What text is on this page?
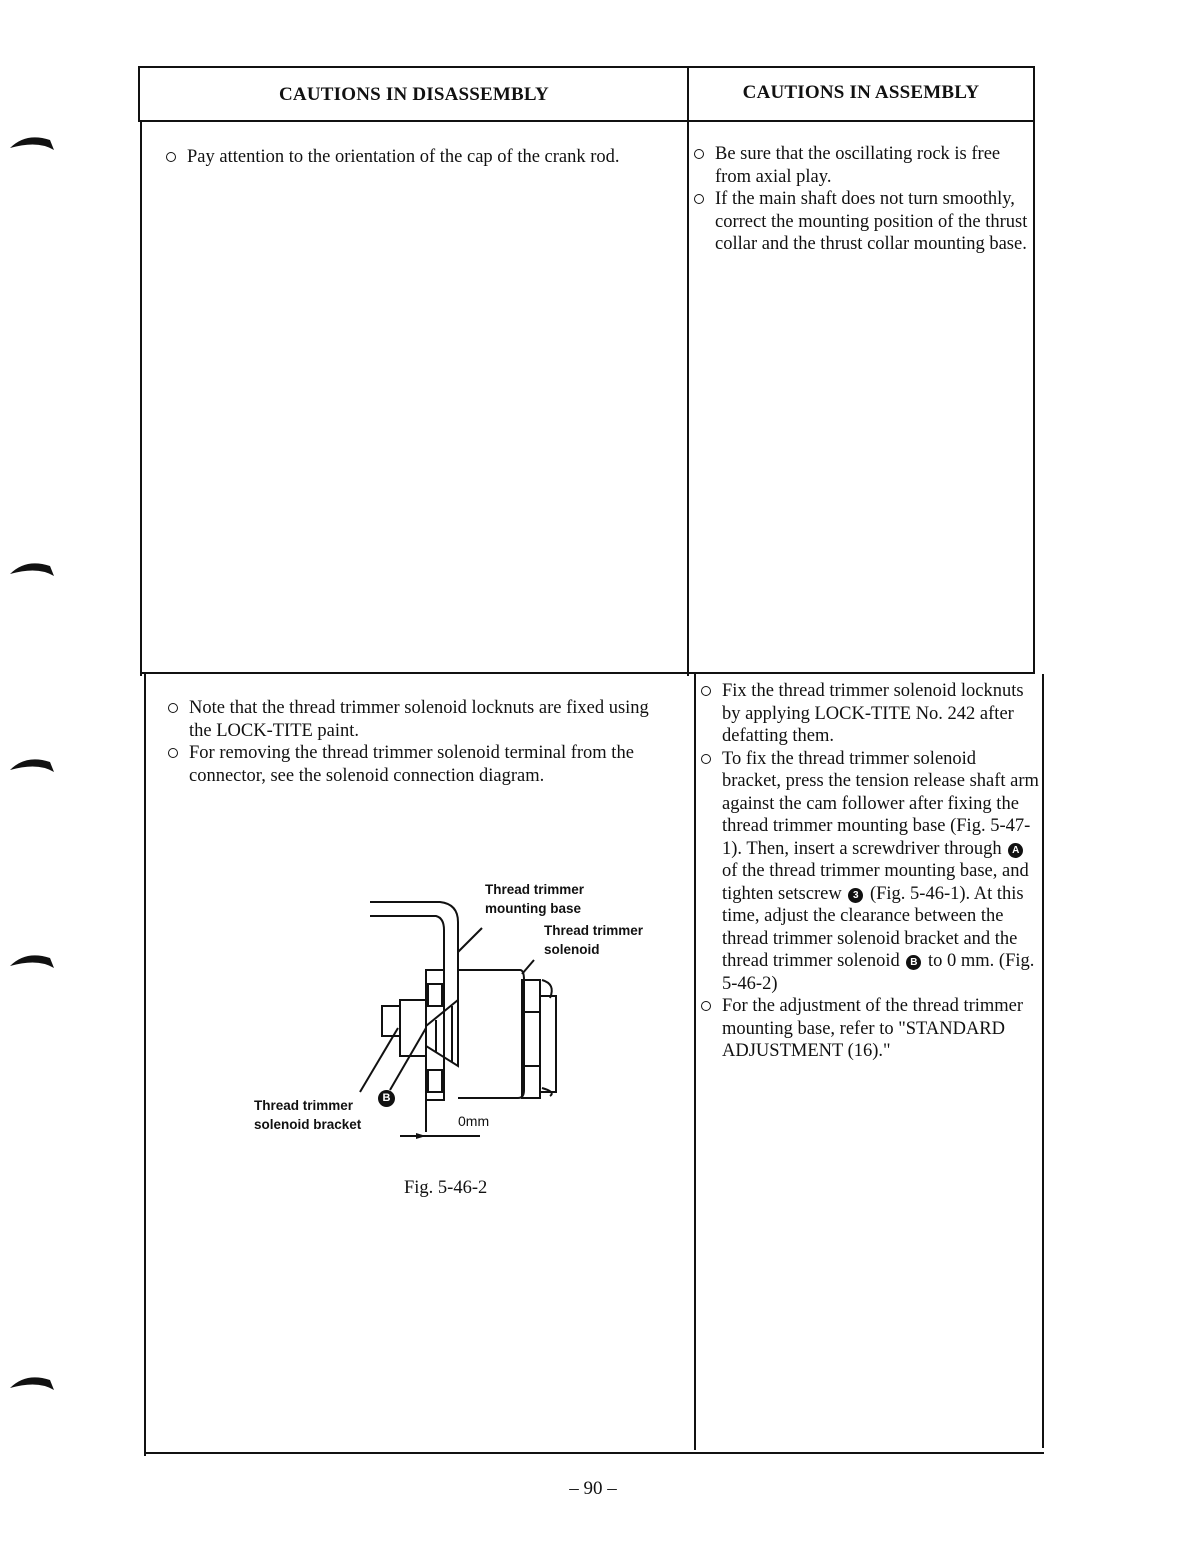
CAUTIONS IN DISASSEMBLY	CAUTIONS IN ASSEMBLY

Pay attention to the orientation of the cap of the crank rod.	Be sure that the oscillating rock is free from axial play.

If the main shaft does not turn smoothly, correct the mounting position of the thrust collar and the thrust collar mounting base.

Note that the thread trimmer solenoid locknuts are fixed using the LOCK-TITE paint.

For removing the thread trimmer solenoid terminal from the connector, see the solenoid connection diagram.

Fix the thread trimmer solenoid locknuts by applying LOCK-TITE No. 242 after defatting them.

To fix the thread trimmer solenoid bracket, press the tension release shaft arm against the cam follower after fixing the thread trimmer mounting base (Fig. 5-47-1). Then, insert a screwdriver through A of the thread trimmer mounting base, and tighten setscrew 3 (Fig. 5-46-1). At this time, adjust the clearance between the thread trimmer solenoid bracket and the thread trimmer solenoid B to 0 mm. (Fig. 5-46-2)

For the adjustment of the thread trimmer mounting base, refer to "STANDARD ADJUSTMENT (16)."

Thread trimmer
mounting base
Thread trimmer
solenoid
Thread trimmer
solenoid bracket
B
0mm
Fig. 5-46-2
– 90 –
